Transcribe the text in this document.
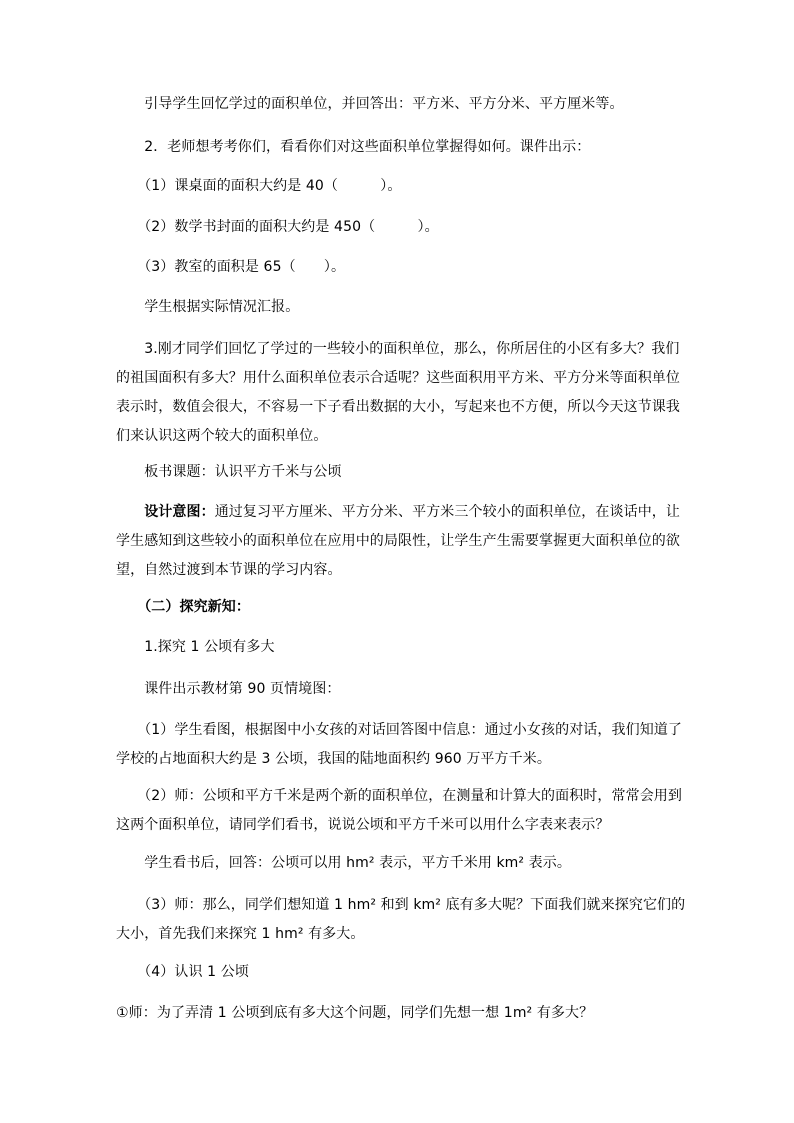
　　引导学生回忆学过的面积单位，并回答出：平方米、平方分米、平方厘米等。

　　2．老师想考考你们，看看你们对这些面积单位掌握得如何。课件出示：

　　（1）课桌面的面积大约是 40（　　　）。

　　（2）数学书封面的面积大约是 450（　　　）。

　　（3）教室的面积是 65（　　）。

　　学生根据实际情况汇报。

　　3.刚才同学们回忆了学过的一些较小的面积单位，那么，你所居住的小区有多大？我们的祖国面积有多大？用什么面积单位表示合适呢？这些面积用平方米、平方分米等面积单位表示时，数值会很大，不容易一下子看出数据的大小，写起来也不方便，所以今天这节课我们来认识这两个较大的面积单位。

　　板书课题：认识平方千米与公顷

　　设计意图：通过复习平方厘米、平方分米、平方米三个较小的面积单位，在谈话中，让学生感知到这些较小的面积单位在应用中的局限性，让学生产生需要掌握更大面积单位的欲望，自然过渡到本节课的学习内容。

　　（二）探究新知：

　　1.探究 1 公顷有多大

　　课件出示教材第 90 页情境图：

　　（1）学生看图，根据图中小女孩的对话回答图中信息：通过小女孩的对话，我们知道了学校的占地面积大约是 3 公顷，我国的陆地面积约 960 万平方千米。

　　（2）师：公顷和平方千米是两个新的面积单位，在测量和计算大的面积时，常常会用到这两个面积单位，请同学们看书，说说公顷和平方千米可以用什么字表来表示？

　　学生看书后，回答：公顷可以用 hm² 表示，平方千米用 km² 表示。

　　（3）师：那么，同学们想知道 1 hm² 和到 km² 底有多大呢？下面我们就来探究它们的大小，首先我们来探究 1 hm² 有多大。

　　（4）认识 1 公顷

①师：为了弄清 1 公顷到底有多大这个问题，同学们先想一想 1m² 有多大？
